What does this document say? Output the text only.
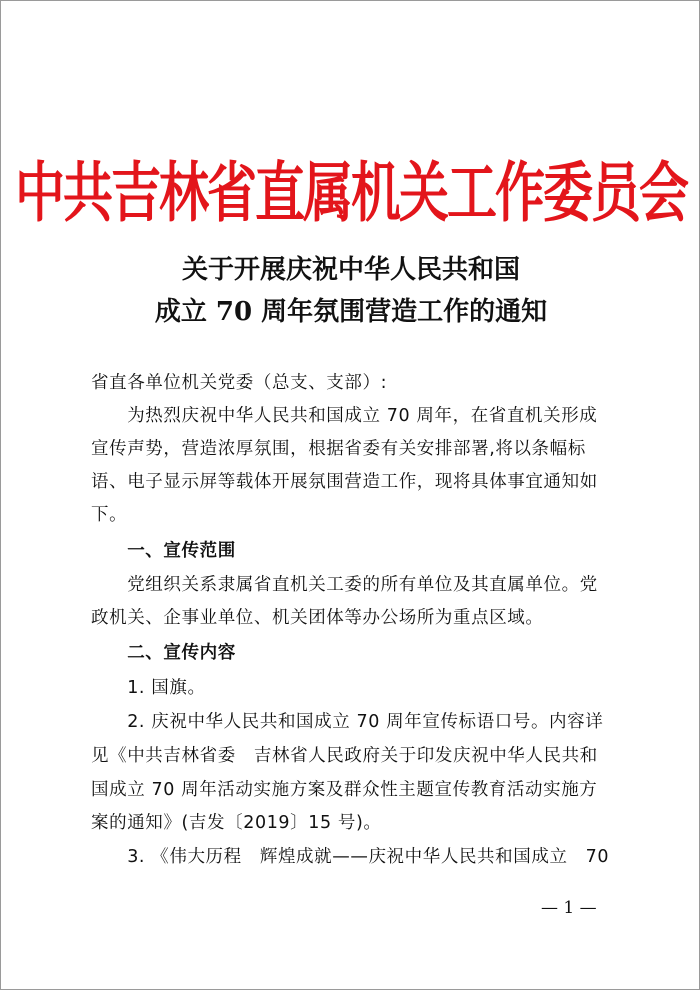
中共吉林省直属机关工作委员会
关于开展庆祝中华人民共和国
成立 70 周年氛围营造工作的通知
省直各单位机关党委（总支、支部）:
　　为热烈庆祝中华人民共和国成立 70 周年，在省直机关形成
宣传声势，营造浓厚氛围，根据省委有关安排部署,将以条幅标
语、电子显示屏等载体开展氛围营造工作，现将具体事宜通知如
下。
　　一、宣传范围
　　党组织关系隶属省直机关工委的所有单位及其直属单位。党
政机关、企事业单位、机关团体等办公场所为重点区域。
　　二、宣传内容
　　1. 国旗。
　　2. 庆祝中华人民共和国成立 70 周年宣传标语口号。内容详
见《中共吉林省委　吉林省人民政府关于印发庆祝中华人民共和
国成立 70 周年活动实施方案及群众性主题宣传教育活动实施方
案的通知》(吉发〔2019〕15 号)。
　　3. 《伟大历程　辉煌成就——庆祝中华人民共和国成立　70
— 1 —
